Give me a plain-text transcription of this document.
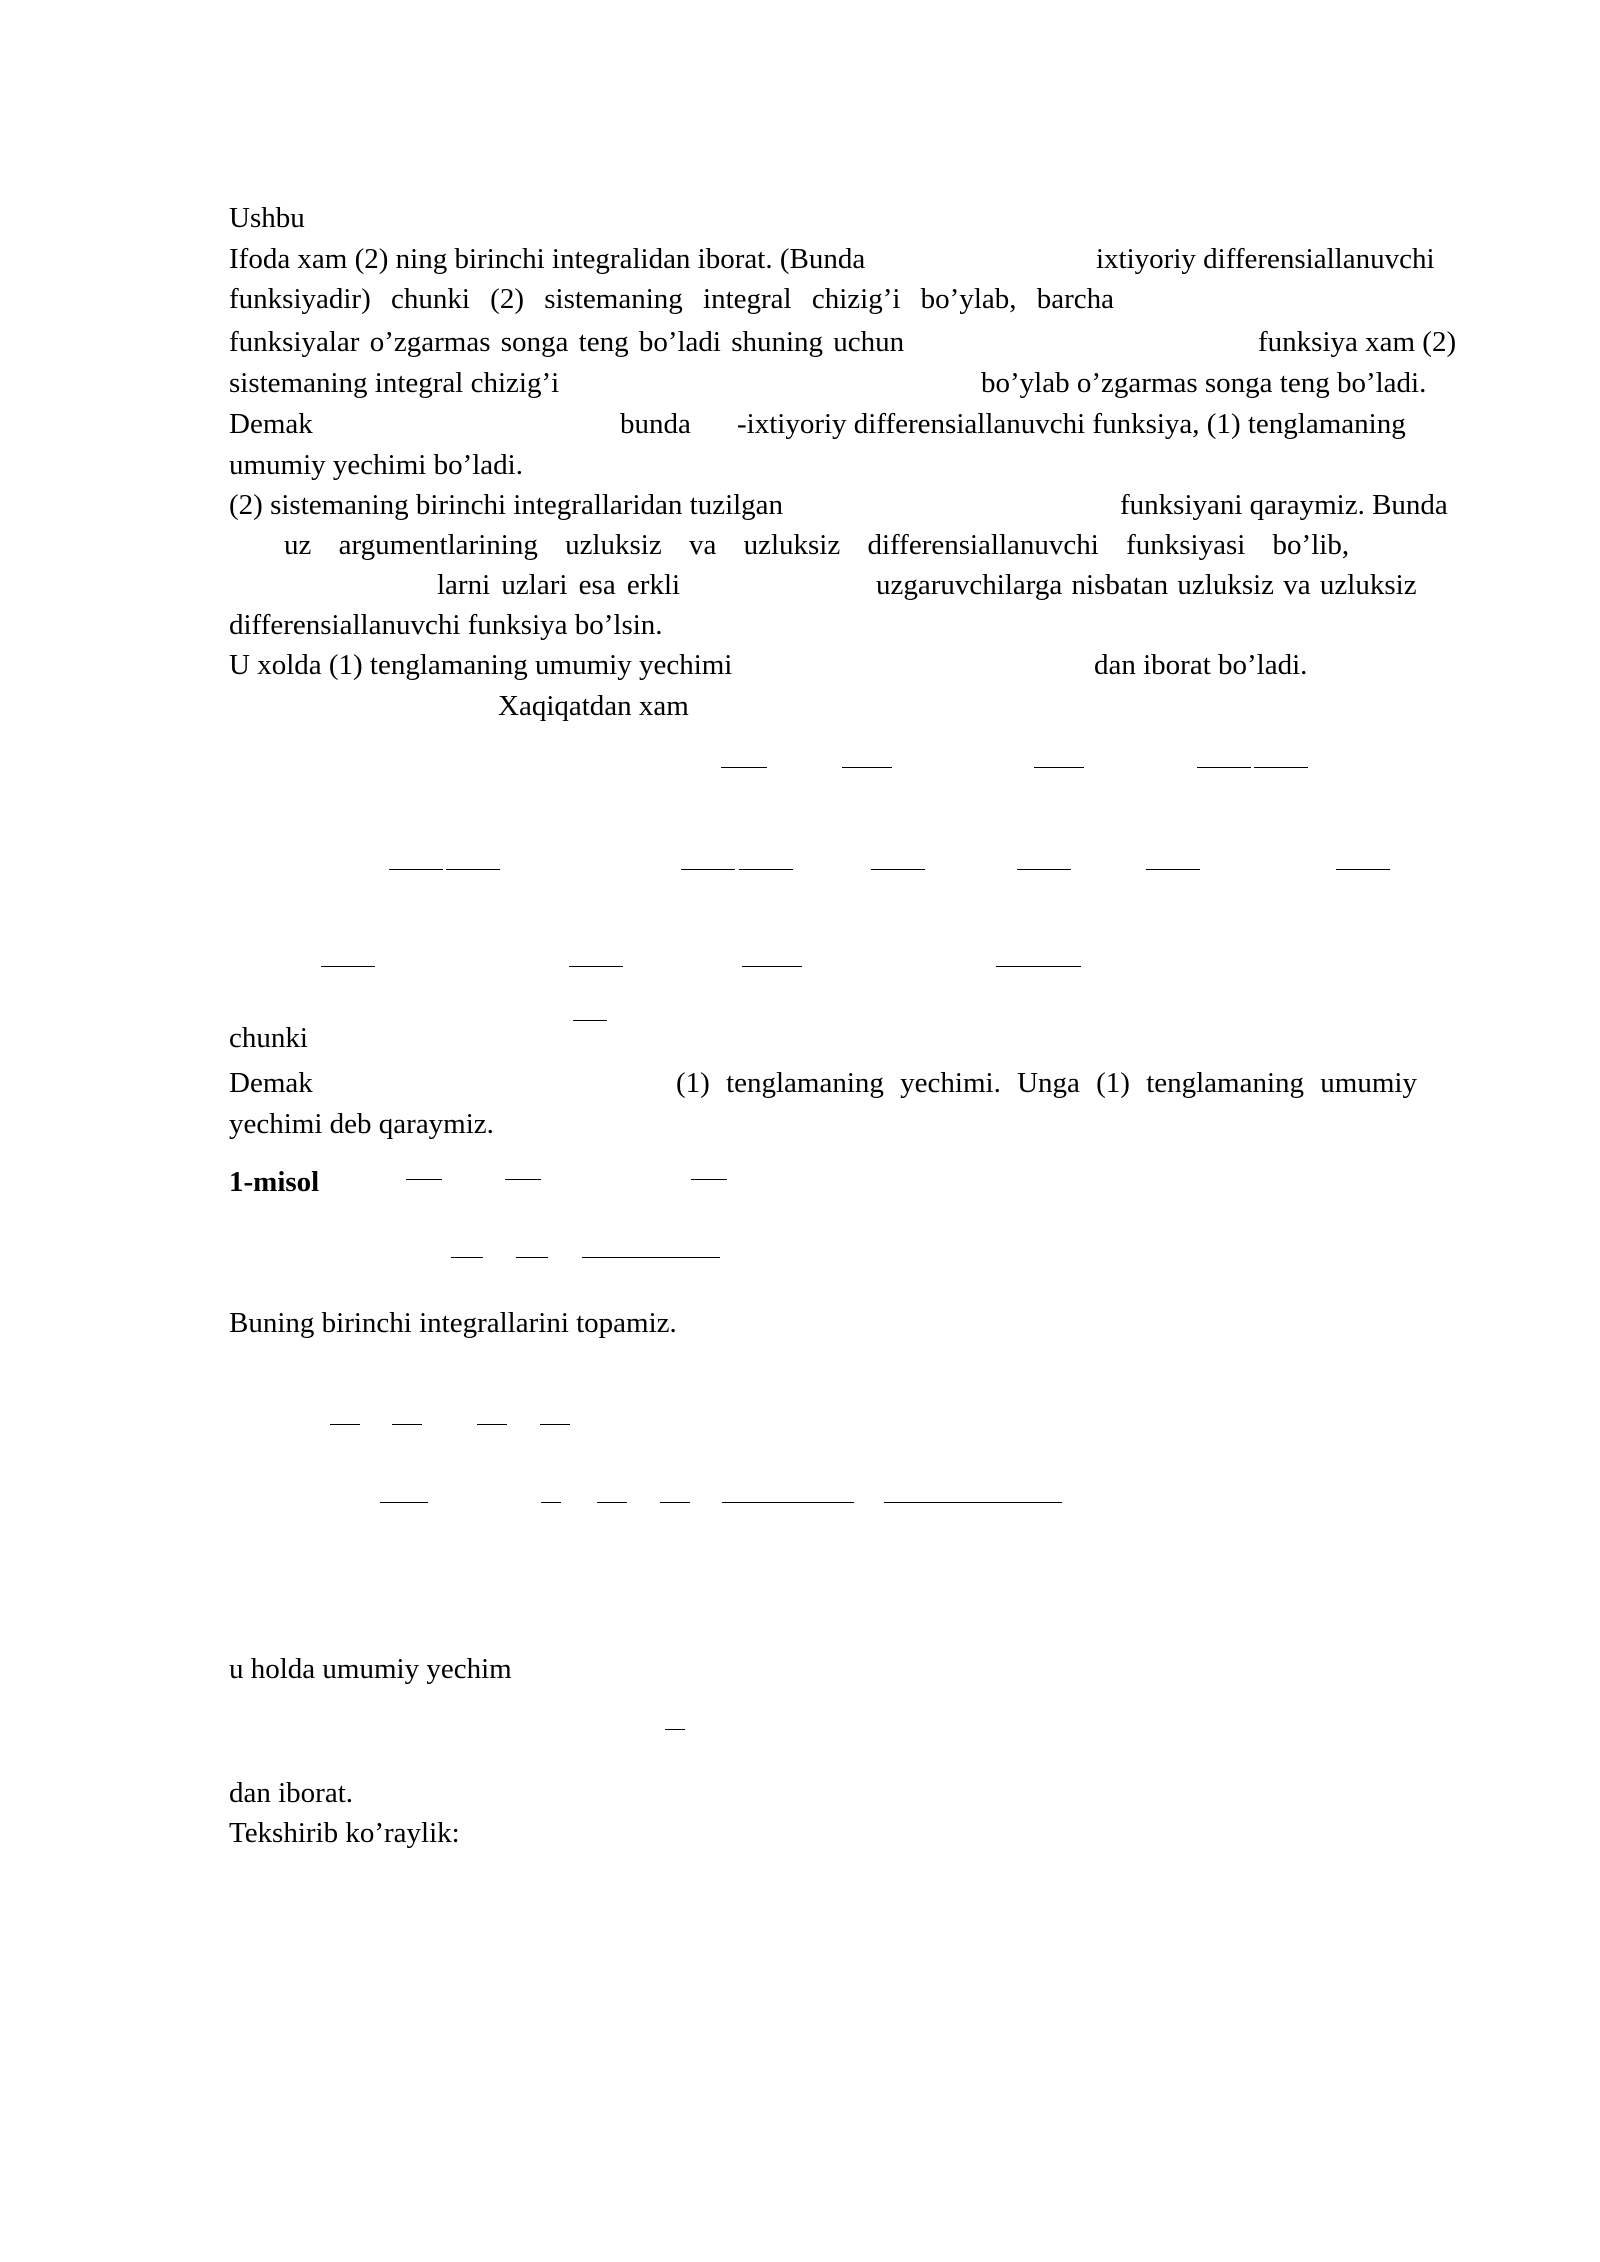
Ushbu

Ifoda xam (2) ning birinchi integralidan iborat. (Bunda	ixtiyoriy differensiallanuvchi

funksiyadir) chunki (2) sistemaning integral chizig’i bo’ylab, barcha

funksiyalar o’zgarmas songa teng bo’ladi shuning uchun	funksiya xam (2)

sistemaning integral chizig’i	bo’ylab o’zgarmas songa teng bo’ladi.

Demak	bunda -ixtiyoriy differensiallanuvchi funksiya, (1) tenglamaning

umumiy yechimi bo’ladi.

(2) sistemaning birinchi integrallaridan tuzilgan	funksiyani qaraymiz. Bunda

uz argumentlarining uzluksiz va uzluksiz differensiallanuvchi funksiyasi bo’lib,

larni uzlari esa erkli	uzgaruvchilarga nisbatan uzluksiz va uzluksiz

differensiallanuvchi funksiya bo’lsin.

U xolda (1) tenglamaning umumiy yechimi	dan iborat bo’ladi.

Xaqiqatdan xam

chunki

Demak	(1) tenglamaning yechimi. Unga (1) tenglamaning umumiy

yechimi deb qaraymiz.

1-misol

Buning birinchi integrallarini topamiz.

u holda umumiy yechim

dan iborat.

Tekshirib ko’raylik:
